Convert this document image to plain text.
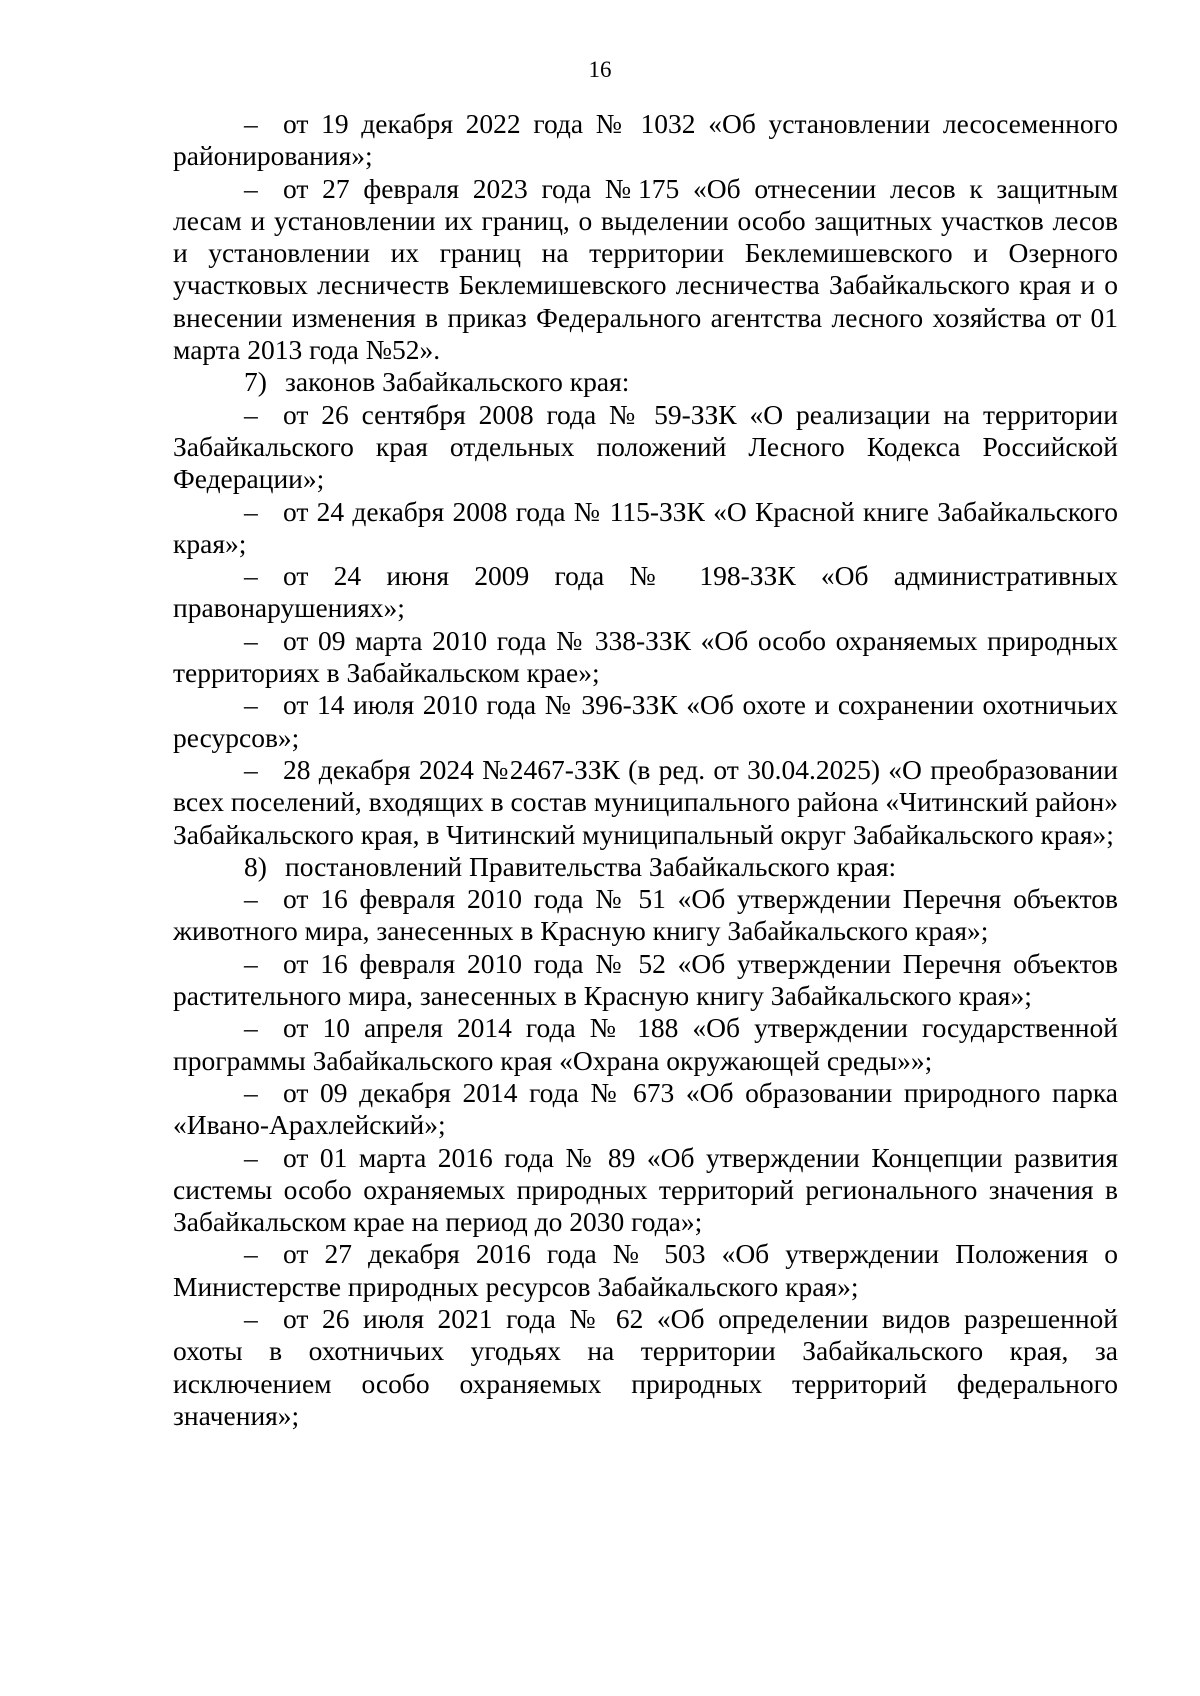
16

– от 19 декабря 2022 года № 1032 «Об установлении лесосеменного районирования»;

– от 27 февраля 2023 года №175 «Об отнесении лесов к защитным лесам и установлении их границ, о выделении особо защитных участков лесов и установлении их границ на территории Беклемишевского и Озерного участковых лесничеств Беклемишевского лесничества Забайкальского края и о внесении изменения в приказ Федерального агентства лесного хозяйства от 01 марта 2013 года №52».

7) законов Забайкальского края:

– от 26 сентября 2008 года № 59-ЗЗК «О реализации на территории Забайкальского края отдельных положений Лесного Кодекса Российской Федерации»;

– от 24 декабря 2008 года № 115-ЗЗК «О Красной книге Забайкальского края»;

– от 24 июня 2009 года № 198-ЗЗК «Об административных правонарушениях»;

– от 09 марта 2010 года № 338-ЗЗК «Об особо охраняемых природных территориях в Забайкальском крае»;

– от 14 июля 2010 года № 396-ЗЗК «Об охоте и сохранении охотничьих ресурсов»;

– 28 декабря 2024 №2467-ЗЗК (в ред. от 30.04.2025) «О преобразовании всех поселений, входящих в состав муниципального района «Читинский район» Забайкальского края, в Читинский муниципальный округ Забайкальского края»;

8) постановлений Правительства Забайкальского края:

– от 16 февраля 2010 года № 51 «Об утверждении Перечня объектов животного мира, занесенных в Красную книгу Забайкальского края»;

– от 16 февраля 2010 года № 52 «Об утверждении Перечня объектов растительного мира, занесенных в Красную книгу Забайкальского края»;

– от 10 апреля 2014 года № 188 «Об утверждении государственной программы Забайкальского края «Охрана окружающей среды»»;

– от 09 декабря 2014 года № 673 «Об образовании природного парка «Ивано-Арахлейский»;

– от 01 марта 2016 года № 89 «Об утверждении Концепции развития системы особо охраняемых природных территорий регионального значения в Забайкальском крае на период до 2030 года»;

– от 27 декабря 2016 года № 503 «Об утверждении Положения о Министерстве природных ресурсов Забайкальского края»;

– от 26 июля 2021 года № 62 «Об определении видов разрешенной охоты в охотничьих угодьях на территории Забайкальского края, за исключением особо охраняемых природных территорий федерального значения»;
